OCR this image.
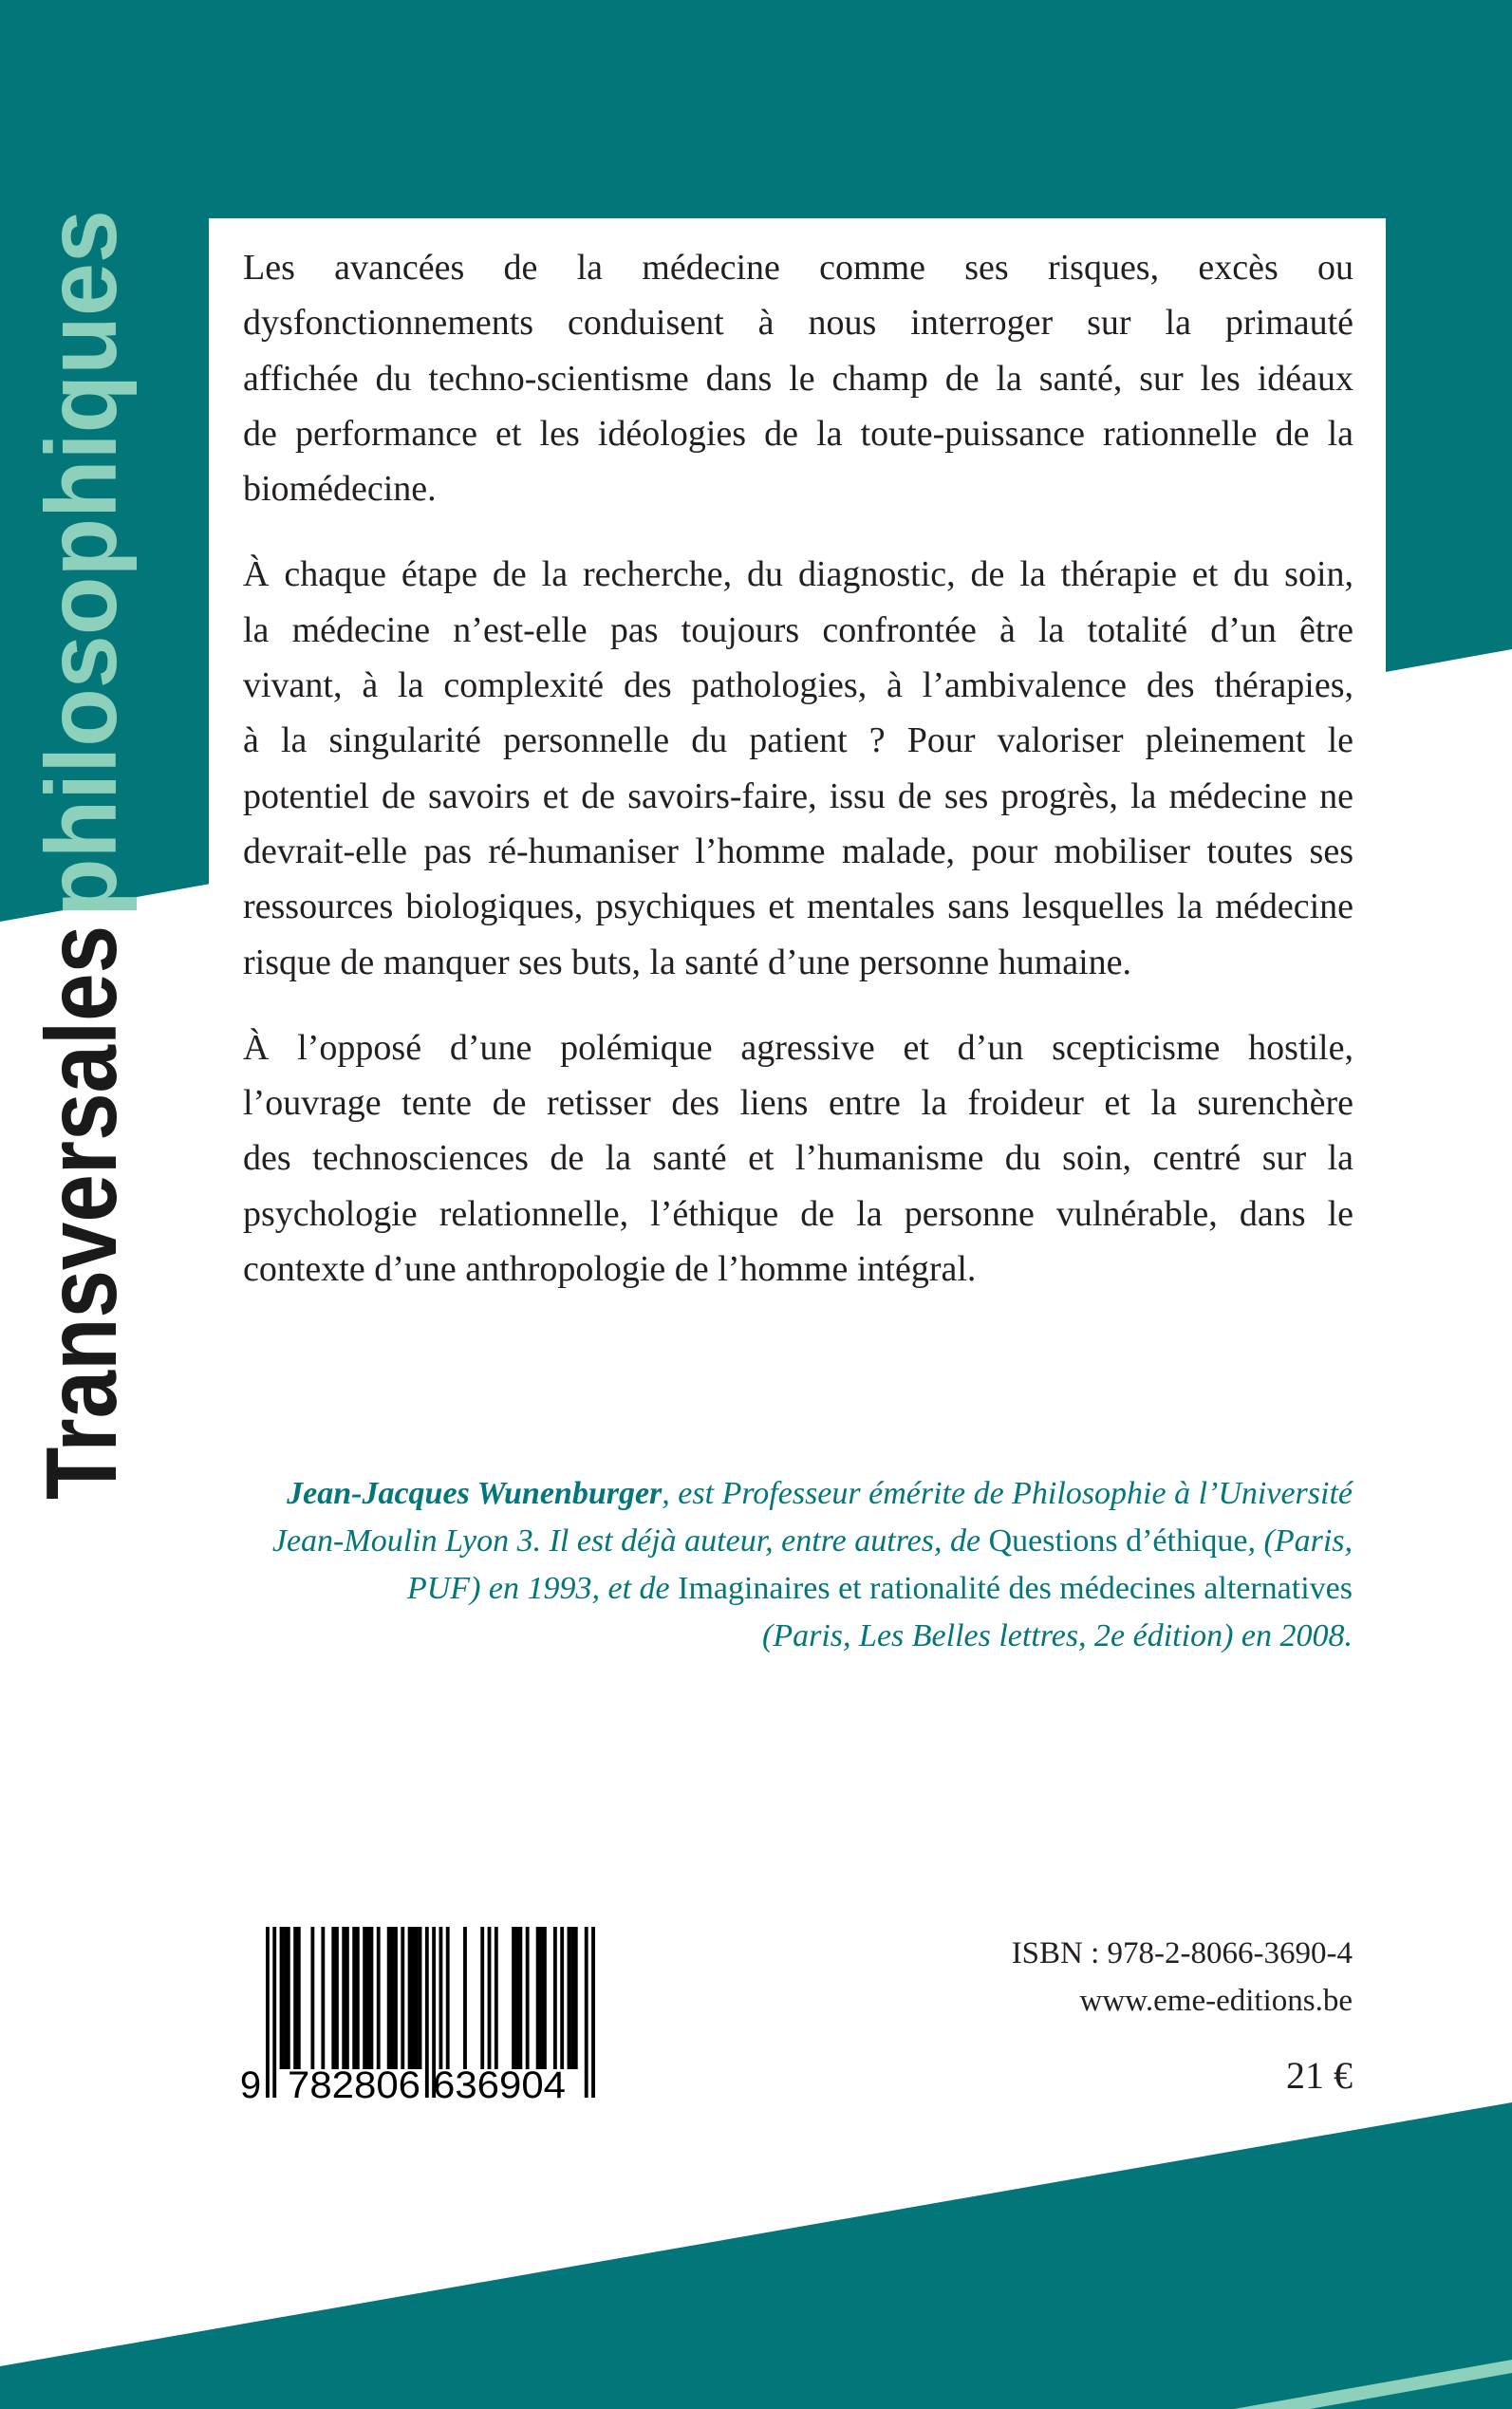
Transversales
philosophiques	Les avancées de la médecine comme ses risques, excès ou
dysfonctionnements conduisent à nous interroger sur la primauté
affichée du techno-scientisme dans le champ de la santé, sur les idéaux
de performance et les idéologies de la toute-puissance rationnelle de la
biomédecine.
À chaque étape de la recherche, du diagnostic, de la thérapie et du soin,
la médecine n’est-elle pas toujours confrontée à la totalité d’un être
vivant, à la complexité des pathologies, à l’ambivalence des thérapies,
à la singularité personnelle du patient ? Pour valoriser pleinement le
potentiel de savoirs et de savoirs-faire, issu de ses progrès, la médecine ne
devrait-elle pas ré-humaniser l’homme malade, pour mobiliser toutes ses
ressources biologiques, psychiques et mentales sans lesquelles la médecine
risque de manquer ses buts, la santé d’une personne humaine.
À l’opposé d’une polémique agressive et d’un scepticisme hostile,
l’ouvrage tente de retisser des liens entre la froideur et la surenchère
des technosciences de la santé et l’humanisme du soin, centré sur la
psychologie relationnelle, l’éthique de la personne vulnérable, dans le
contexte d’une anthropologie de l’homme intégral.
Jean-Jacques Wunenburger, est Professeur émérite de Philosophie à l’Université
Jean-Moulin Lyon 3. Il est déjà auteur, entre autres, de Questions d’éthique, (Paris,
PUF) en 1993, et de Imaginaires et rationalité des médecines alternatives
(Paris, Les Belles lettres, 2e édition) en 2008.
9 782806 636904
ISBN : 978-2-8066-3690-4
www.eme-editions.be
21 €
